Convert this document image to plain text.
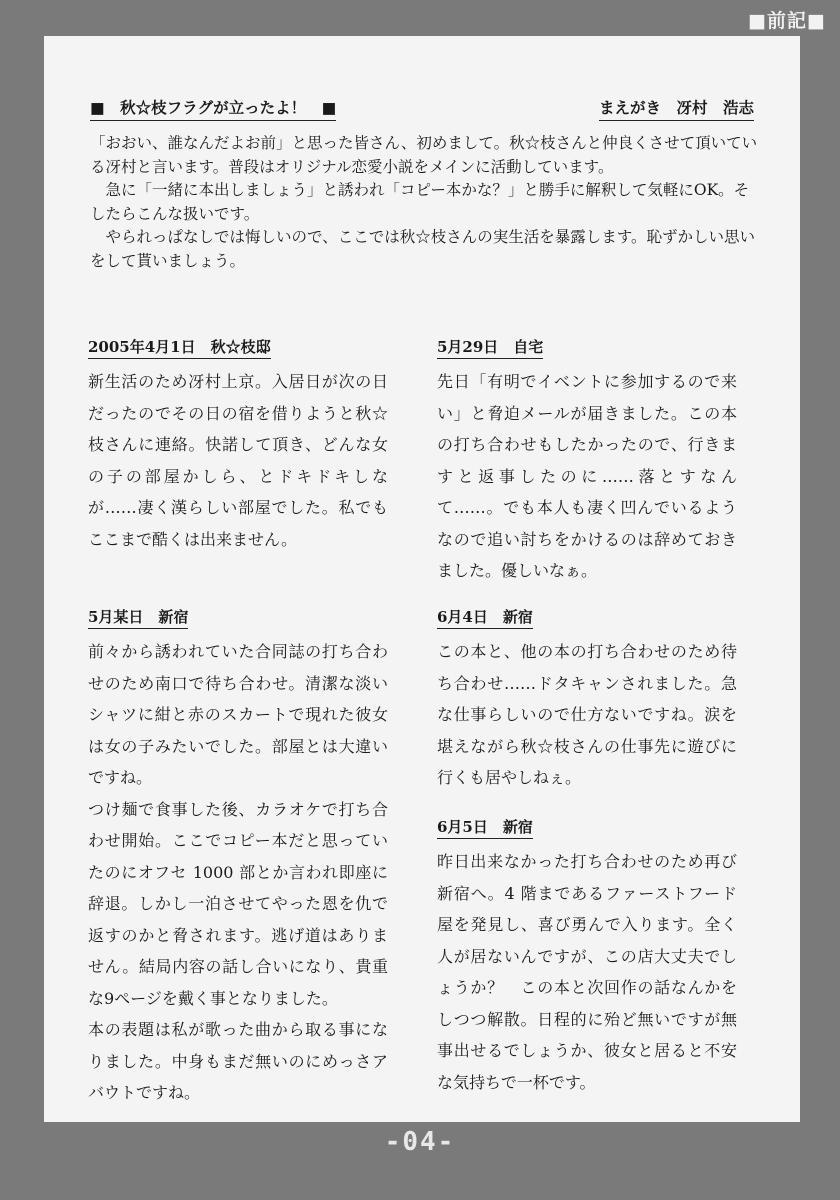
■前記■
■　秋☆枝フラグが立ったよ！　■	まえがき　冴村　浩志

「おおい、誰なんだよお前」と思った皆さん、初めまして。秋☆枝さんと仲良くさせて頂いている冴村と言います。普段はオリジナル恋愛小説をメインに活動しています。

　急に「一緒に本出しましょう」と誘われ「コピー本かな？」と勝手に解釈して気軽にOK。そしたらこんな扱いです。

　やられっぱなしでは悔しいので、ここでは秋☆枝さんの実生活を暴露します。恥ずかしい思いをして貰いましょう。

2005年4月1日　秋☆枝邸

新生活のため冴村上京。入居日が次の日だったのでその日の宿を借りようと秋☆枝さんに連絡。快諾して頂き、どんな女の子の部屋かしら、とドキドキしなが……凄く漢らしい部屋でした。私でもここまで酷くは出来ません。

5月29日　自宅

先日「有明でイベントに参加するので来い」と脅迫メールが届きました。この本の打ち合わせもしたかったので、行きますと返事したのに……落とすなんて……。でも本人も凄く凹んでいるようなので追い討ちをかけるのは辞めておきました。優しいなぁ。

5月某日　新宿

前々から誘われていた合同誌の打ち合わせのため南口で待ち合わせ。清潔な淡いシャツに紺と赤のスカートで現れた彼女は女の子みたいでした。部屋とは大違いですね。

つけ麺で食事した後、カラオケで打ち合わせ開始。ここでコピー本だと思っていたのにオフセ 1000 部とか言われ即座に辞退。しかし一泊させてやった恩を仇で返すのかと脅されます。逃げ道はありません。結局内容の話し合いになり、貴重な9ページを戴く事となりました。

本の表題は私が歌った曲から取る事になりました。中身もまだ無いのにめっさアバウトですね。

6月4日　新宿

この本と、他の本の打ち合わせのため待ち合わせ……ドタキャンされました。急な仕事らしいので仕方ないですね。涙を堪えながら秋☆枝さんの仕事先に遊びに行くも居やしねぇ。

6月5日　新宿

昨日出来なかった打ち合わせのため再び新宿へ。4 階まであるファーストフード屋を発見し、喜び勇んで入ります。全く人が居ないんですが、この店大丈夫でしょうか？　この本と次回作の話なんかをしつつ解散。日程的に殆ど無いですが無事出せるでしょうか、彼女と居ると不安な気持ちで一杯です。

-04-
